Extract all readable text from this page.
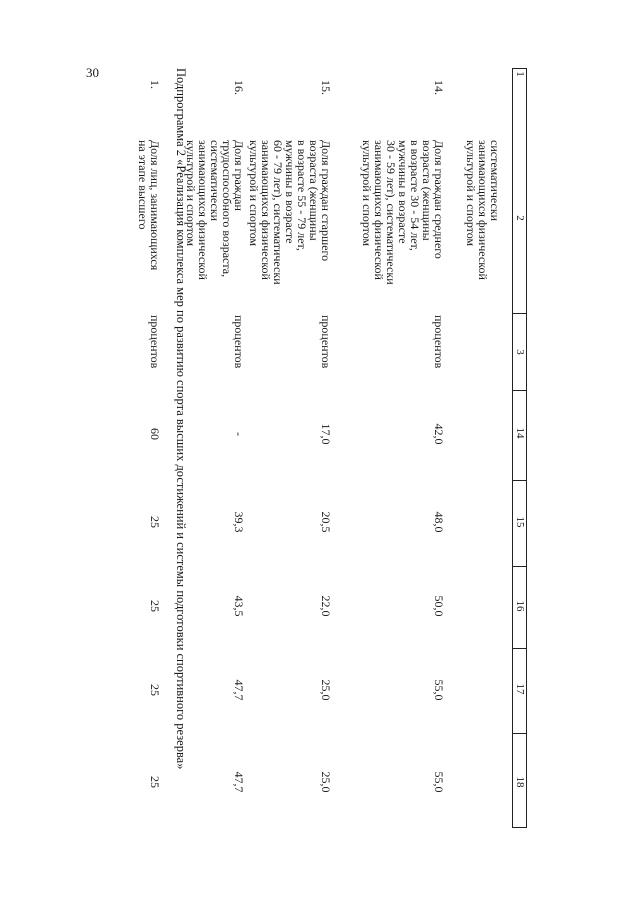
30	1
2
3
14
15
16
17
18
систематически
занимающихся физической
культурой и спортом
14.
Доля граждан среднего
возраста (женщины
в возрасте 30 - 54 лет,
мужчины в возрасте
30 - 59 лет), систематически
занимающихся физической
культурой и спортом
процентов
42,0
48,0
50,0
55,0
55,0
15.
Доля граждан старшего
возраста (женщины
в возрасте 55 - 79 лет,
мужчины в возрасте
60 - 79 лет), систематически
занимающихся физической
культурой и спортом
процентов
17,0
20,5
22,0
25,0
25,0
16.
Доля граждан
трудоспособного возраста,
систематически
занимающихся физической
культурой и спортом
процентов
-
39,3
43,5
47,7
47,7
Подпрограмма 2 «Реализация комплекса мер по развитию спорта высших достижений и системы подготовки спортивного резерва»
1.
Доля лиц, занимающихся
на этапе высшего
процентов
60
25
25
25
25
